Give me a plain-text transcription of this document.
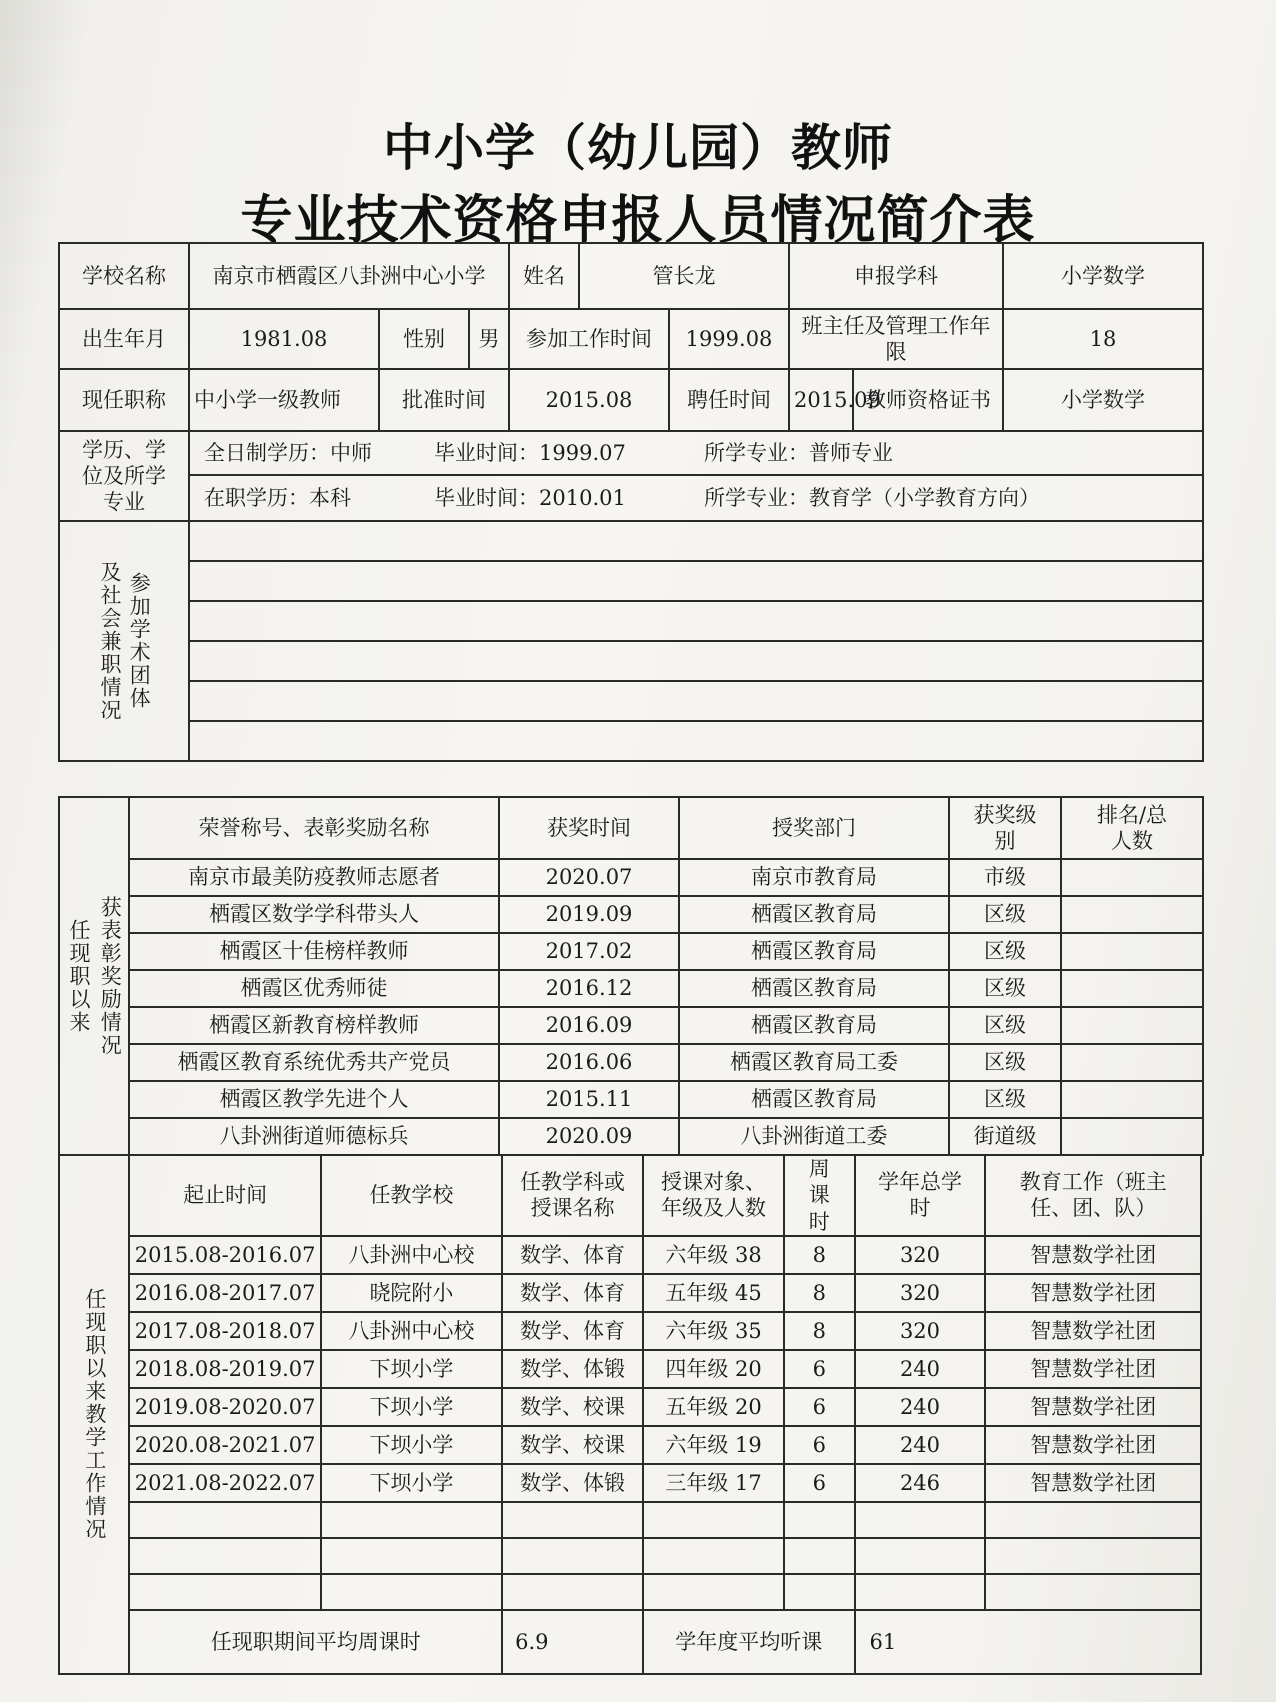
中小学（幼儿园）教师
专业技术资格申报人员情况简介表
学校名称	南京市栖霞区八卦洲中心小学			姓名	管长龙		申报学科		小学数学
出生年月	1981.08	性别	男	参加工作时间		1999.08	班主任及管理工作年限		18
现任职称	中小学一级教师	批准时间		2015.08		聘任时间	2015.09	教师资格证书	小学数学
学历、学位及所学专业	全日制学历：中师 毕业时间：1999.07 所学专业：普师专业								

	在职学历：本科 毕业时间：2010.01 所学专业：教育学（小学教育方向）								

参加学术团体
及社会兼职情况									

获表彰奖励情况
任现职以来	荣誉称号、表彰奖励名称	获奖时间	授奖部门	获奖级别	排名/总人数
	南京市最美防疫教师志愿者	2020.07	南京市教育局	市级	
	栖霞区数学学科带头人	2019.09	栖霞区教育局	区级	
	栖霞区十佳榜样教师	2017.02	栖霞区教育局	区级	
	栖霞区优秀师徒	2016.12	栖霞区教育局	区级	
	栖霞区新教育榜样教师	2016.09	栖霞区教育局	区级	
	栖霞区教育系统优秀共产党员	2016.06	栖霞区教育局工委	区级	
	栖霞区教学先进个人	2015.11	栖霞区教育局	区级	
	八卦洲街道师德标兵	2020.09	八卦洲街道工委	街道级	
任现职以来教学工作情况	起止时间	任教学校	任教学科或授课名称	授课对象、年级及人数	周课时	学年总学时	教育工作（班主任、团、队）
	2015.08-2016.07	八卦洲中心校	数学、体育	六年级 38	8	320	智慧数学社团
	2016.08-2017.07	晓院附小	数学、体育	五年级 45	8	320	智慧数学社团
	2017.08-2018.07	八卦洲中心校	数学、体育	六年级 35	8	320	智慧数学社团
	2018.08-2019.07	下坝小学	数学、体锻	四年级 20	6	240	智慧数学社团
	2019.08-2020.07	下坝小学	数学、校课	五年级 20	6	240	智慧数学社团
	2020.08-2021.07	下坝小学	数学、校课	六年级 19	6	240	智慧数学社团
	2021.08-2022.07	下坝小学	数学、体锻	三年级 17	6	246	智慧数学社团

	任现职期间平均周课时		6.9	学年度平均听课		61	
